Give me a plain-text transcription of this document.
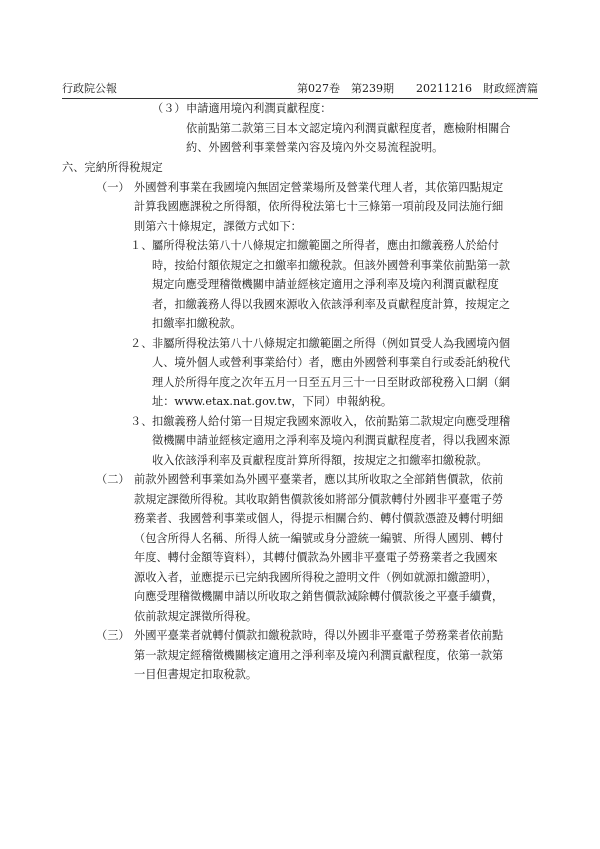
行政院公報	第027卷　第239期　　20211216　財政經濟篇
（３） 申請適用境內利潤貢獻程度：
依前點第二款第三目本文認定境內利潤貢獻程度者，應檢附相關合
約、外國營利事業營業內容及境內外交易流程說明。
六、完納所得稅規定
（一） 外國營利事業在我國境內無固定營業場所及營業代理人者，其依第四點規定
計算我國應課稅之所得額，依所得稅法第七十三條第一項前段及同法施行細
則第六十條規定，課徵方式如下：
１、 屬所得稅法第八十八條規定扣繳範圍之所得者，應由扣繳義務人於給付
時，按給付額依規定之扣繳率扣繳稅款。但該外國營利事業依前點第一款
規定向應受理稽徵機關申請並經核定適用之淨利率及境內利潤貢獻程度
者，扣繳義務人得以我國來源收入依該淨利率及貢獻程度計算，按規定之
扣繳率扣繳稅款。
２、 非屬所得稅法第八十八條規定扣繳範圍之所得（例如買受人為我國境內個
人、境外個人或營利事業給付）者，應由外國營利事業自行或委託納稅代
理人於所得年度之次年五月一日至五月三十一日至財政部稅務入口網（網
址：www.etax.nat.gov.tw，下同）申報納稅。
３、 扣繳義務人給付第一目規定我國來源收入，依前點第二款規定向應受理稽
徵機關申請並經核定適用之淨利率及境內利潤貢獻程度者，得以我國來源
收入依該淨利率及貢獻程度計算所得額，按規定之扣繳率扣繳稅款。
（二） 前款外國營利事業如為外國平臺業者，應以其所收取之全部銷售價款，依前
款規定課徵所得稅。其收取銷售價款後如將部分價款轉付外國非平臺電子勞
務業者、我國營利事業或個人，得提示相關合約、轉付價款憑證及轉付明細
（包含所得人名稱、所得人統一編號或身分證統一編號、所得人國別、轉付
年度、轉付金額等資料），其轉付價款為外國非平臺電子勞務業者之我國來
源收入者，並應提示已完納我國所得稅之證明文件（例如就源扣繳證明），
向應受理稽徵機關申請以所收取之銷售價款減除轉付價款後之平臺手續費，
依前款規定課徵所得稅。
（三） 外國平臺業者就轉付價款扣繳稅款時，得以外國非平臺電子勞務業者依前點
第一款規定經稽徵機關核定適用之淨利率及境內利潤貢獻程度，依第一款第
一目但書規定扣取稅款。
